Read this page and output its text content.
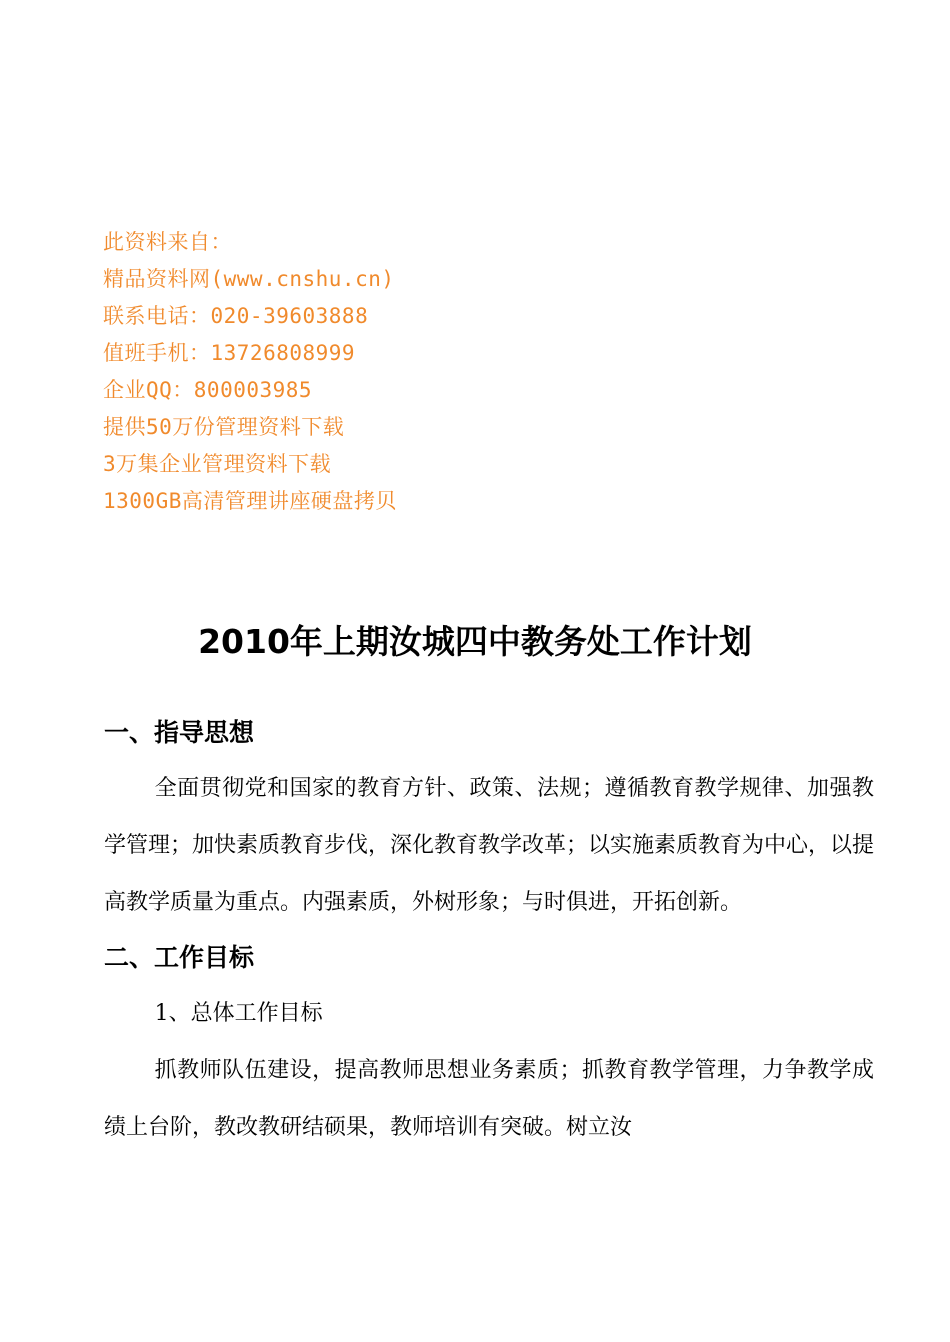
此资料来自：
精品资料网(www.cnshu.cn)
联系电话：020-39603888
值班手机：13726808999
企业QQ：800003985
提供50万份管理资料下载
3万集企业管理资料下载
1300GB高清管理讲座硬盘拷贝
2010年上期汝城四中教务处工作计划
一、指导思想

全面贯彻党和国家的教育方针、政策、法规；遵循教育教学规律、加强教学管理；加快素质教育步伐，深化教育教学改革；以实施素质教育为中心，以提高教学质量为重点。内强素质，外树形象；与时俱进，开拓创新。

二、工作目标

1、总体工作目标

抓教师队伍建设，提高教师思想业务素质；抓教育教学管理，力争教学成绩上台阶，教改教研结硕果，教师培训有突破。树立汝
